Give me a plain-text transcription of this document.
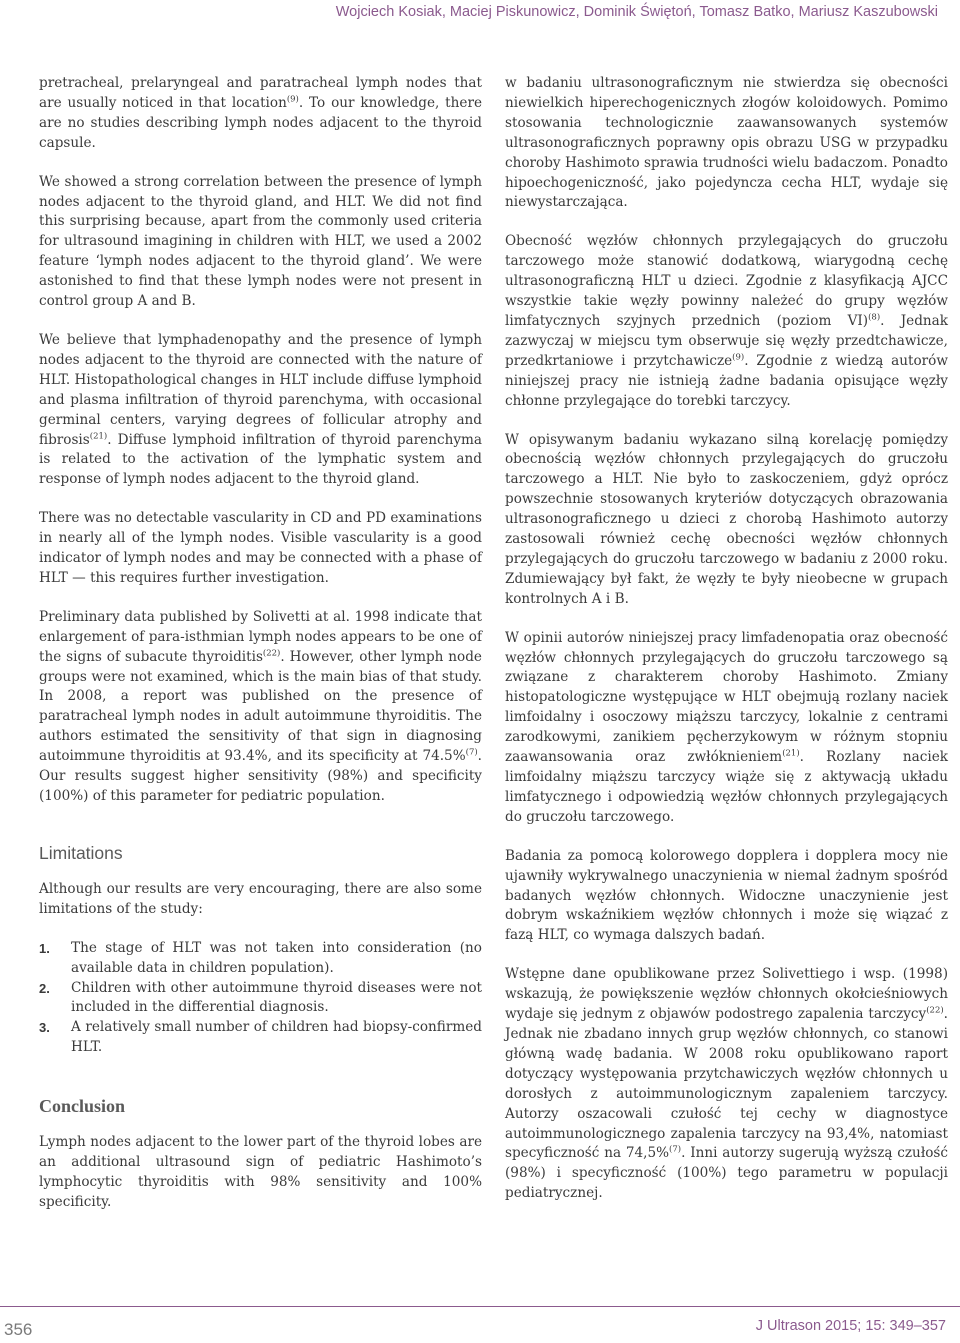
Wojciech Kosiak, Maciej Piskunowicz, Dominik Świętoń, Tomasz Batko, Mariusz Kaszubowski

pretracheal, prelaryngeal and paratracheal lymph nodes that are usually noticed in that location$^{(9)}$. To our knowledge, there are no studies describing lymph nodes adjacent to the thyroid capsule.

We showed a strong correlation between the presence of lymph nodes adjacent to the thyroid gland, and HLT. We did not find this surprising because, apart from the commonly used criteria for ultrasound imagining in children with HLT, we used a 2002 feature ‘lymph nodes adjacent to the thyroid gland’. We were astonished to find that these lymph nodes were not present in control group A and B.

We believe that lymphadenopathy and the presence of lymph nodes adjacent to the thyroid are connected with the nature of HLT. Histopathological changes in HLT include diffuse lymphoid and plasma infiltration of thyroid parenchyma, with occasional germinal centers, varying degrees of follicular atrophy and fibrosis$^{(21)}$. Diffuse lymphoid infiltration of thyroid parenchyma is related to the activation of the lymphatic system and response of lymph nodes adjacent to the thyroid gland.

There was no detectable vascularity in CD and PD examinations in nearly all of the lymph nodes. Visible vascularity is a good indicator of lymph nodes and may be connected with a phase of HLT — this requires further investigation.

Preliminary data published by Solivetti at al. 1998 indicate that enlargement of para-isthmian lymph nodes appears to be one of the signs of subacute thyroiditis$^{(22)}$. However, other lymph node groups were not examined, which is the main bias of that study. In 2008, a report was published on the presence of paratracheal lymph nodes in adult autoimmune thyroiditis. The authors estimated the sensitivity of that sign in diagnosing autoimmune thyroiditis at 93.4%, and its specificity at 74.5%$^{(7)}$. Our results suggest higher sensitivity (98%) and specificity (100%) of this parameter for pediatric population.

Limitations

Although our results are very encouraging, there are also some limitations of the study:

1. The stage of HLT was not taken into consideration (no available data in children population).
2. Children with other autoimmune thyroid diseases were not included in the differential diagnosis.
3. A relatively small number of children had biopsy-confirmed HLT.
Conclusion

Lymph nodes adjacent to the lower part of the thyroid lobes are an additional ultrasound sign of pediatric Hashimoto’s lymphocytic thyroiditis with 98% sensitivity and 100% specificity.

w badaniu ultrasonograficznym nie stwierdza się obecności niewielkich hiperechogenicznych złogów koloidowych. Pomimo stosowania technologicznie zaawansowanych systemów ultrasonograficznych poprawny opis obrazu USG w przypadku choroby Hashimoto sprawia trudności wielu badaczom. Ponadto hipoechogeniczność, jako pojedyncza cecha HLT, wydaje się niewystarczająca.

Obecność węzłów chłonnych przylegających do gruczołu tarczowego może stanowić dodatkową, wiarygodną cechę ultrasonograficzną HLT u dzieci. Zgodnie z klasyfikacją AJCC wszystkie takie węzły powinny należeć do grupy węzłów limfatycznych szyjnych przednich (poziom VI)$^{(8)}$. Jednak zazwyczaj w miejscu tym obserwuje się węzły przedtchawicze, przedkrtaniowe i przytchawicze$^{(9)}$. Zgodnie z wiedzą autorów niniejszej pracy nie istnieją żadne badania opisujące węzły chłonne przylegające do torebki tarczycy.

W opisywanym badaniu wykazano silną korelację pomiędzy obecnością węzłów chłonnych przylegających do gruczołu tarczowego a HLT. Nie było to zaskoczeniem, gdyż oprócz powszechnie stosowanych kryteriów dotyczących obrazowania ultrasonograficznego u dzieci z chorobą Hashimoto autorzy zastosowali również cechę obecności węzłów chłonnych przylegających do gruczołu tarczowego w badaniu z 2000 roku. Zdumiewający był fakt, że węzły te były nieobecne w grupach kontrolnych A i B.

W opinii autorów niniejszej pracy limfadenopatia oraz obecność węzłów chłonnych przylegających do gruczołu tarczowego są związane z charakterem choroby Hashimoto. Zmiany histopatologiczne występujące w HLT obejmują rozlany naciek limfoidalny i osoczowy miąższu tarczycy, lokalnie z centrami zarodkowymi, zanikiem pęcherzykowym w różnym stopniu zaawansowania oraz zwłóknieniem$^{(21)}$. Rozlany naciek limfoidalny miąższu tarczycy wiąże się z aktywacją układu limfatycznego i odpowiedzią węzłów chłonnych przylegających do gruczołu tarczowego.

Badania za pomocą kolorowego dopplera i dopplera mocy nie ujawniły wykrywalnego unaczynienia w niemal żadnym spośród badanych węzłów chłonnych. Widoczne unaczynienie jest dobrym wskaźnikiem węzłów chłonnych i może się wiązać z fazą HLT, co wymaga dalszych badań.

Wstępne dane opublikowane przez Solivettiego i wsp. (1998) wskazują, że powiększenie węzłów chłonnych okołcieśniowych wydaje się jednym z objawów podostrego zapalenia tarczycy$^{(22)}$. Jednak nie zbadano innych grup węzłów chłonnych, co stanowi główną wadę badania. W 2008 roku opublikowano raport dotyczący występowania przytchawiczych węzłów chłonnych u dorosłych z autoimmunologicznym zapaleniem tarczycy. Autorzy oszacowali czułość tej cechy w diagnostyce autoimmunologicznego zapalenia tarczycy na 93,4%, natomiast specyficzność na 74,5%$^{(7)}$. Inni autorzy sugerują wyższą czułość (98%) i specyficzność (100%) tego parametru w populacji pediatrycznej.

356	J Ultrason 2015; 15: 349–357
